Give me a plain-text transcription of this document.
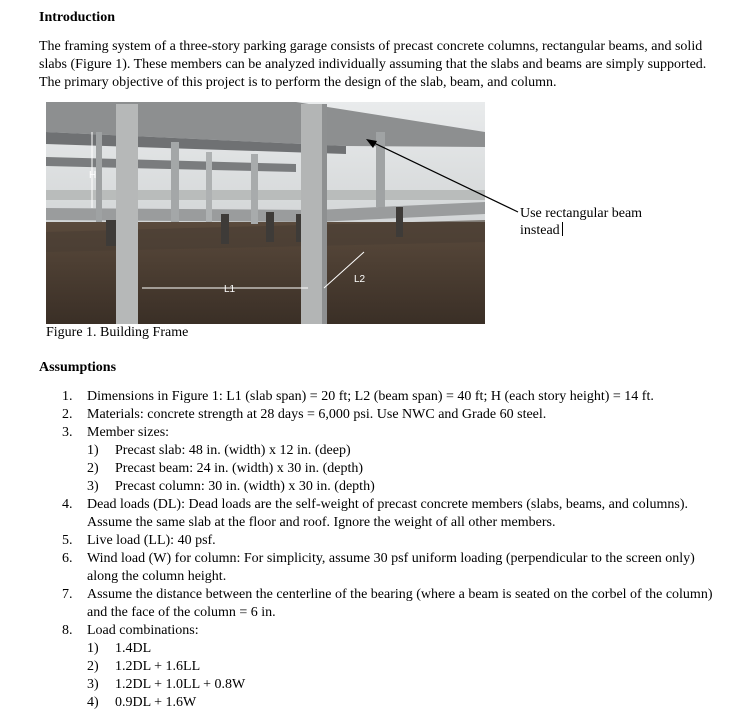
Introduction
The framing system of a three-story parking garage consists of precast concrete columns, rectangular beams, and solid slabs (Figure 1). These members can be analyzed individually assuming that the slabs and beams are simply supported. The primary objective of this project is to perform the design of the slab, beam, and column.
H
L1
L2
Use rectangular beam
instead
Figure 1. Building Frame
Assumptions
1. Dimensions in Figure 1: L1 (slab span) = 20 ft; L2 (beam span) = 40 ft; H (each story height) = 14 ft.
2. Materials: concrete strength at 28 days = 6,000 psi. Use NWC and Grade 60 steel.
3. Member sizes:
1) Precast slab: 48 in. (width) x 12 in. (deep)
2) Precast beam: 24 in. (width) x 30 in. (depth)
3) Precast column: 30 in. (width) x 30 in. (depth)
4. Dead loads (DL): Dead loads are the self-weight of precast concrete members (slabs, beams, and columns). Assume the same slab at the floor and roof. Ignore the weight of all other members.
5. Live load (LL): 40 psf.
6. Wind load (W) for column: For simplicity, assume 30 psf uniform loading (perpendicular to the screen only) along the column height.
7. Assume the distance between the centerline of the bearing (where a beam is seated on the corbel of the column) and the face of the column = 6 in.
8. Load combinations:
1) 1.4DL
2) 1.2DL + 1.6LL
3) 1.2DL + 1.0LL + 0.8W
4) 0.9DL + 1.6W
